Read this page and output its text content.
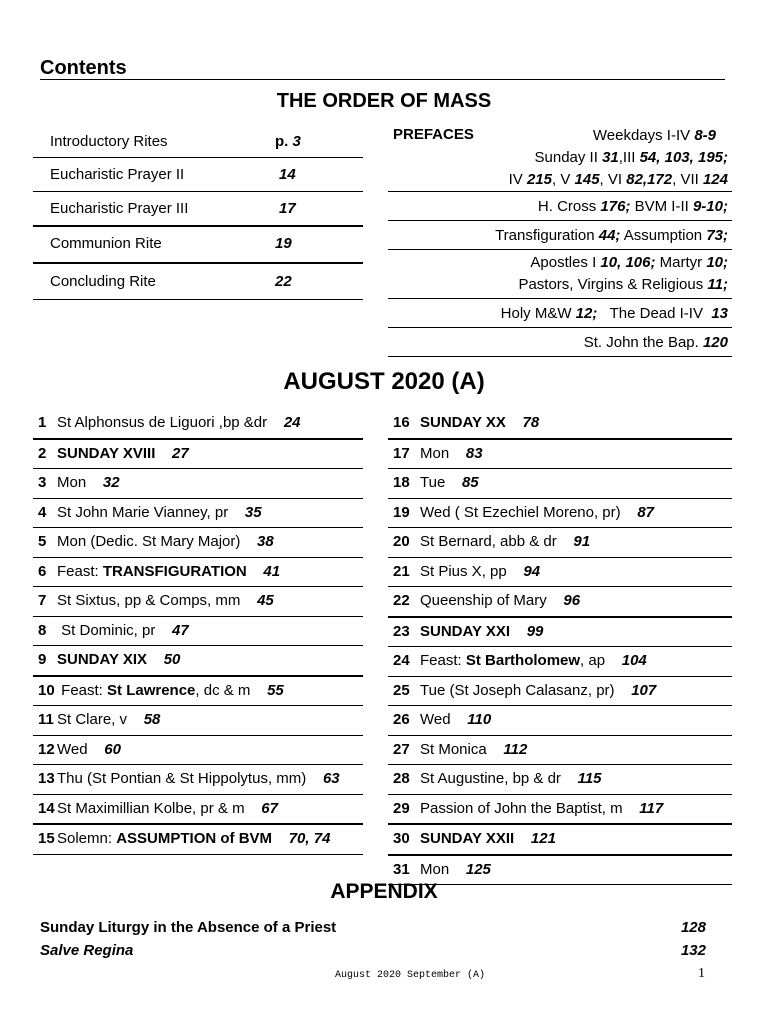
Contents
THE ORDER OF MASS
Introductory Rites	p. 3
Eucharistic Prayer II	14
Eucharistic Prayer III	17
Communion Rite	19
Concluding Rite	22
PREFACES	Weekdays I-IV 8-9
Sunday II 31,III 54, 103, 195;
IV 215, V 145, VI 82,172, VII 124
H. Cross 176; BVM I-II 9-10;
Transfiguration 44; Assumption 73;
Apostles I 10, 106; Martyr 10;
Pastors, Virgins & Religious 11;
Holy M&W 12;   The Dead I-IV  13
St. John the Bap. 120
AUGUST 2020 (A)
1 St Alphonsus de Liguori ,bp &dr 24
2 SUNDAY XVIII 27
3 Mon 32
4 St John Marie Vianney, pr 35
5 Mon (Dedic. St Mary Major) 38
6 Feast: TRANSFIGURATION 41
7 St Sixtus, pp & Comps, mm 45
8 St Dominic, pr 47
9 SUNDAY XIX 50
10 Feast: St Lawrence, dc & m 55
11 St Clare, v 58
12 Wed 60
13 Thu (St Pontian & St Hippolytus, mm) 63
14 St Maximillian Kolbe, pr & m 67
15 Solemn: ASSUMPTION of BVM 70, 74
16 SUNDAY XX 78
17 Mon 83
18 Tue 85
19 Wed ( St Ezechiel Moreno, pr) 87
20 St Bernard, abb & dr 91
21 St Pius X, pp 94
22 Queenship of Mary 96
23 SUNDAY XXI 99
24 Feast: St Bartholomew, ap 104
25 Tue (St Joseph Calasanz, pr) 107
26 Wed 110
27 St Monica 112
28 St Augustine, bp & dr 115
29 Passion of John the Baptist, m 117
30 SUNDAY XXII 121
31 Mon 125
APPENDIX
Sunday Liturgy in the Absence of a Priest	128
Salve Regina	132
August 2020 September (A)	1
